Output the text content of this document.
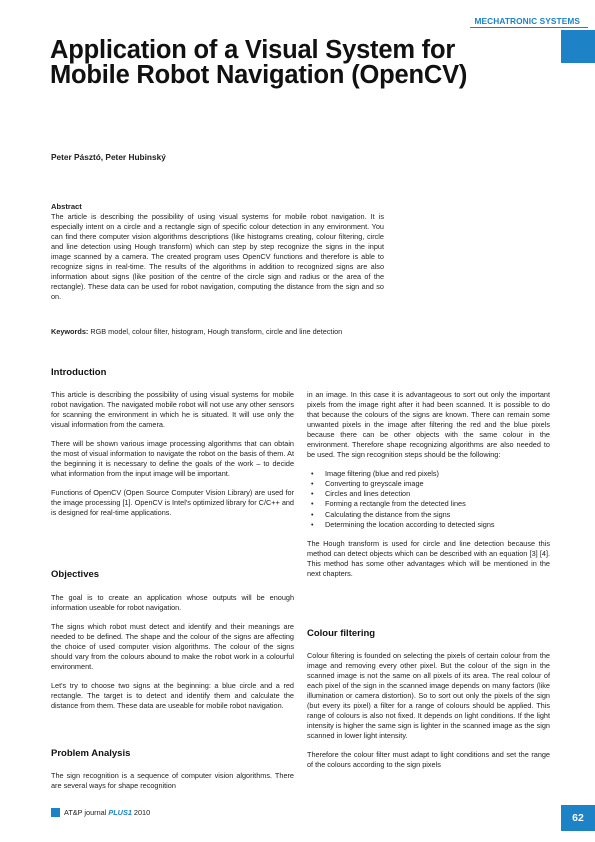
MECHATRONIC SYSTEMS
Application of a Visual System for Mobile Robot Navigation (OpenCV)
Peter Pásztó, Peter Hubinský
Abstract
The article is describing the possibility of using visual systems for mobile robot navigation. It is especially intent on a circle and a rectangle sign of specific colour detection in any environment. You can find there computer vision algorithms descriptions (like histograms creating, colour filtering, circle and line detection using Hough transform) which can step by step recognize the signs in the input image scanned by a camera. The created program uses OpenCV functions and therefore is able to recognize signs in real-time. The results of the algorithms in addition to recognized signs are also information about signs (like position of the centre of the circle sign and radius or the area of the rectangle). These data can be used for robot navigation, computing the distance from the sign and so on.
Keywords: RGB model, colour filter, histogram, Hough transform, circle and line detection
Introduction

This article is describing the possibility of using visual systems for mobile robot navigation. The navigated mobile robot will not use any other sensors for scanning the environment in which he is situated. It will use only the visual information from the camera.

There will be shown various image processing algorithms that can obtain the most of visual information to navigate the robot on the basis of them. At the beginning it is necessary to define the goals of the work – to decide what information from the input image will be important.

Functions of OpenCV (Open Source Computer Vision Library) are used for the image processing [1]. OpenCV is Intel's optimized library for C/C++ and is designed for real-time applications.

Objectives

The goal is to create an application whose outputs will be enough information useable for robot navigation.

The signs which robot must detect and identify and their meanings are needed to be defined. The shape and the colour of the signs are affecting the choice of used computer vision algorithms. The colour of the signs should vary from the colours abound to make the robot work in a colourful environment.

Let's try to choose two signs at the beginning: a blue circle and a red rectangle. The target is to detect and identify them and calculate the distance from them. These data are useable for mobile robot navigation.

Problem Analysis

The sign recognition is a sequence of computer vision algorithms. There are several ways for shape recognition

in an image. In this case it is advantageous to sort out only the important pixels from the image right after it had been scanned. It is possible to do that because the colours of the signs are known. There can remain some unwanted pixels in the image after filtering the red and the blue pixels because there can be other objects with the same colour in the environment. Therefore shape recognizing algorithms are also needed to be used. The sign recognition steps should be the following:

• Image filtering (blue and red pixels)
• Converting to greyscale image
• Circles and lines detection
• Forming a rectangle from the detected lines
• Calculating the distance from the signs
• Determining the location according to detected signs

The Hough transform is used for circle and line detection because this method can detect objects which can be described with an equation [3] [4]. This method has some other advantages which will be mentioned in the next chapters.

Colour filtering

Colour filtering is founded on selecting the pixels of certain colour from the image and removing every other pixel. But the colour of the sign in the scanned image is not the same on all pixels of its area. The real colour of each pixel of the sign in the scanned image depends on many factors (like illumination or camera distortion). So to sort out only the pixels of the sign (but every its pixel) a filter for a range of colours should be applied. This range of colours is also not fixed. It depends on light conditions. If the light intensity is higher the same sign is lighter in the scanned image as the sign scanned in lower light intensity.

Therefore the colour filter must adapt to light conditions and set the range of the colours according to the sign pixels

AT&P journal PLUS1 2010	62
